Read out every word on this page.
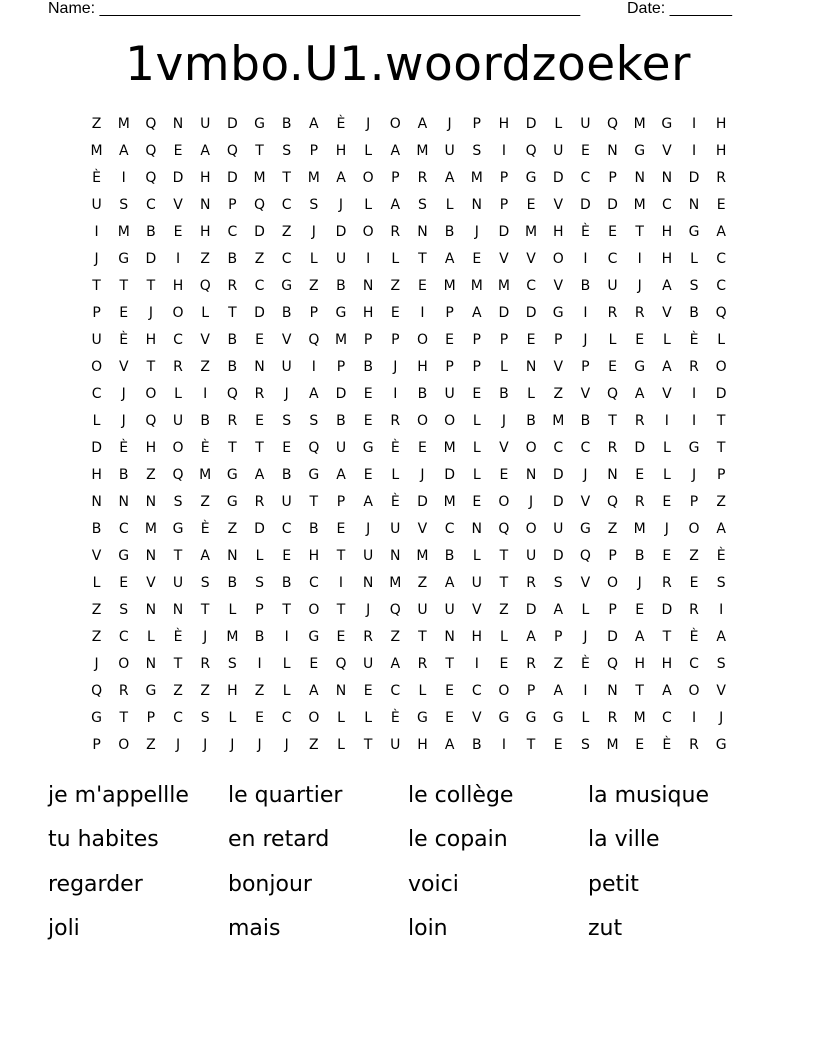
Name: ______________________________________________________	Date: _______
1vmbo.U1.woordzoeker
Z	M	Q	N	U	D	G	B	A	È	J	O	A	J	P	H	D	L	U	Q	M	G	I	H
M	A	Q	E	A	Q	T	S	P	H	L	A	M	U	S	I	Q	U	E	N	G	V	I	H
È	I	Q	D	H	D	M	T	M	A	O	P	R	A	M	P	G	D	C	P	N	N	D	R
U	S	C	V	N	P	Q	C	S	J	L	A	S	L	N	P	E	V	D	D	M	C	N	E
I	M	B	E	H	C	D	Z	J	D	O	R	N	B	J	D	M	H	È	E	T	H	G	A
J	G	D	I	Z	B	Z	C	L	U	I	L	T	A	E	V	V	O	I	C	I	H	L	C
T	T	T	H	Q	R	C	G	Z	B	N	Z	E	M	M	M	C	V	B	U	J	A	S	C
P	E	J	O	L	T	D	B	P	G	H	E	I	P	A	D	D	G	I	R	R	V	B	Q
U	È	H	C	V	B	E	V	Q	M	P	P	O	E	P	P	E	P	J	L	E	L	È	L
O	V	T	R	Z	B	N	U	I	P	B	J	H	P	P	L	N	V	P	E	G	A	R	O
C	J	O	L	I	Q	R	J	A	D	E	I	B	U	E	B	L	Z	V	Q	A	V	I	D
L	J	Q	U	B	R	E	S	S	B	E	R	O	O	L	J	B	M	B	T	R	I	I	T
D	È	H	O	È	T	T	E	Q	U	G	È	E	M	L	V	O	C	C	R	D	L	G	T
H	B	Z	Q	M	G	A	B	G	A	E	L	J	D	L	E	N	D	J	N	E	L	J	P
N	N	N	S	Z	G	R	U	T	P	A	È	D	M	E	O	J	D	V	Q	R	E	P	Z
B	C	M	G	È	Z	D	C	B	E	J	U	V	C	N	Q	O	U	G	Z	M	J	O	A
V	G	N	T	A	N	L	E	H	T	U	N	M	B	L	T	U	D	Q	P	B	E	Z	È
L	E	V	U	S	B	S	B	C	I	N	M	Z	A	U	T	R	S	V	O	J	R	E	S
Z	S	N	N	T	L	P	T	O	T	J	Q	U	U	V	Z	D	A	L	P	E	D	R	I
Z	C	L	È	J	M	B	I	G	E	R	Z	T	N	H	L	A	P	J	D	A	T	È	A
J	O	N	T	R	S	I	L	E	Q	U	A	R	T	I	E	R	Z	È	Q	H	H	C	S
Q	R	G	Z	Z	H	Z	L	A	N	E	C	L	E	C	O	P	A	I	N	T	A	O	V
G	T	P	C	S	L	E	C	O	L	L	È	G	E	V	G	G	G	L	R	M	C	I	J
P	O	Z	J	J	J	J	J	Z	L	T	U	H	A	B	I	T	E	S	M	E	È	R	G
je m'appellle	le quartier	le collège	la musique
tu habites	en retard	le copain	la ville
regarder	bonjour	voici	petit
joli	mais	loin	zut
